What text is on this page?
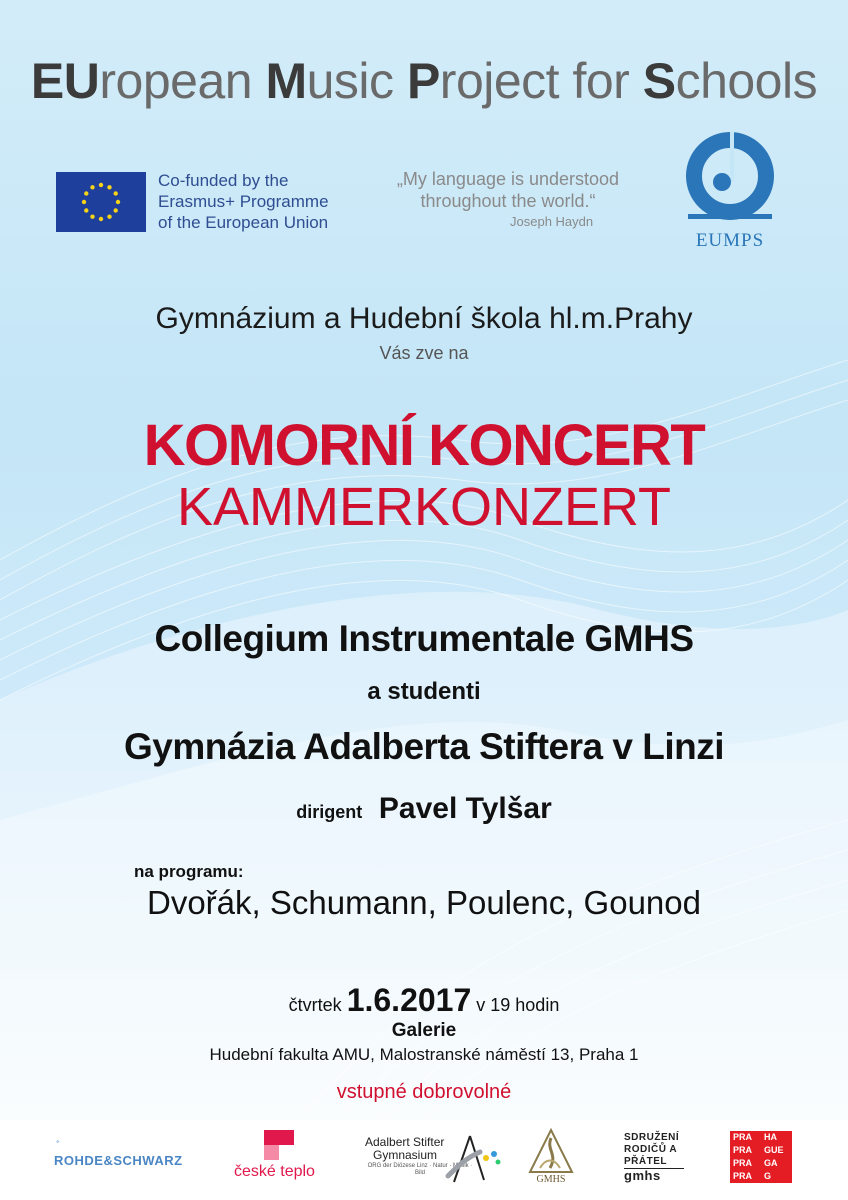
EUropean Music Project for Schools
Co-funded by the
Erasmus+ Programme
of the European Union
„My language is understood
throughout the world.“
Joseph Haydn
EUMPS
Gymnázium a Hudební škola hl.m.Prahy
Vás zve na
KOMORNÍ KONCERT
KAMMERKONZERT
Collegium Instrumentale GMHS
a studenti
Gymnázia Adalberta Stiftera v Linzi
dirigent Pavel Tylšar
na programu:
Dvořák, Schumann, Poulenc, Gounod
čtvrtek 1.6.2017 v 19 hodin
Galerie
Hudební fakulta AMU, Malostranské náměstí 13, Praha 1
vstupné dobrovolné
ROHDE&SCHWARZ
české teplo
Adalbert Stifter
Gymnasium
ORG der Diözese Linz · Natur · Musik · Bild
GMHS
SDRUŽENÍ
RODIČŮ A
PŘÁTEL
gmhs
PRA	HA
PRA	GUE
PRA	GA
PRA	G
